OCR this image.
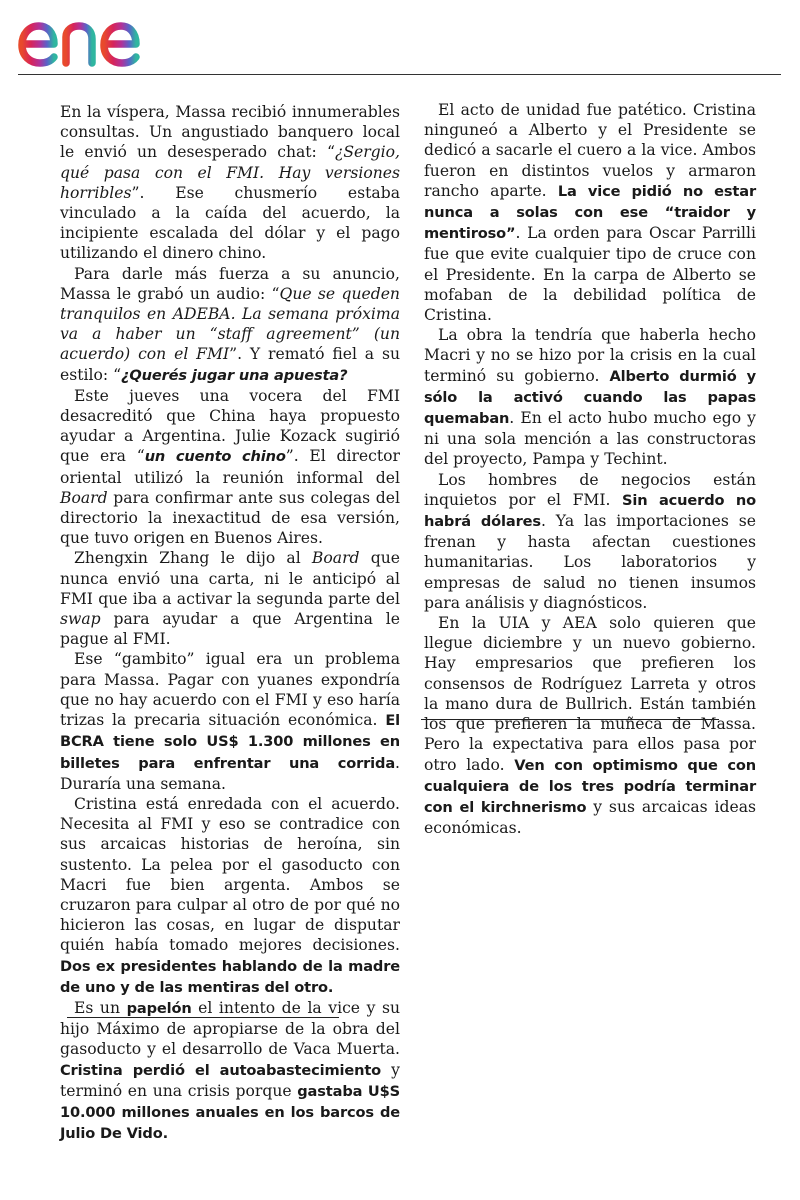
En la víspera, Massa recibió innumerables consultas. Un angustiado banquero local le envió un desesperado chat: “¿Sergio, qué pasa con el FMI. Hay versiones horribles”. Ese chusmerío estaba vinculado a la caída del acuerdo, la incipiente escalada del dólar y el pago utilizando el dinero chino.

Para darle más fuerza a su anuncio, Massa le grabó un audio: “Que se queden tranquilos en ADEBA. La semana próxima va a haber un “staff agreement” (un acuerdo) con el FMI”. Y remató fiel a su estilo: “¿Querés jugar una apuesta?

Este jueves una vocera del FMI desacreditó que China haya propuesto ayudar a Argentina. Julie Kozack sugirió que era “un cuento chino”. El director oriental utilizó la reunión informal del Board para confirmar ante sus colegas del directorio la inexactitud de esa versión, que tuvo origen en Buenos Aires.

Zhengxin Zhang le dijo al Board que nunca envió una carta, ni le anticipó al FMI que iba a activar la segunda parte del swap para ayudar a que Argentina le pague al FMI.

Ese “gambito” igual era un problema para Massa. Pagar con yuanes expondría que no hay acuerdo con el FMI y eso haría trizas la precaria situación económica. El BCRA tiene solo US$ 1.300 millones en billetes para enfrentar una corrida. Duraría una semana.

Cristina está enredada con el acuerdo. Necesita al FMI y eso se contradice con sus arcaicas historias de heroína, sin sustento. La pelea por el gasoducto con Macri fue bien argenta. Ambos se cruzaron para culpar al otro de por qué no hicieron las cosas, en lugar de disputar quién había tomado mejores decisiones. Dos ex presidentes hablando de la madre de uno y de las mentiras del otro.

Es un papelón el intento de la vice y su hijo Máximo de apropiarse de la obra del gasoducto y el desarrollo de Vaca Muerta. Cristina perdió el autoabastecimiento y terminó en una crisis porque gastaba U$S 10.000 millones anuales en los barcos de Julio De Vido.

El acto de unidad fue patético. Cristina ninguneó a Alberto y el Presidente se dedicó a sacarle el cuero a la vice. Ambos fueron en distintos vuelos y armaron rancho aparte. La vice pidió no estar nunca a solas con ese “traidor y mentiroso”. La orden para Oscar Parrilli fue que evite cualquier tipo de cruce con el Presidente. En la carpa de Alberto se mofaban de la debilidad política de Cristina.

La obra la tendría que haberla hecho Macri y no se hizo por la crisis en la cual terminó su gobierno. Alberto durmió y sólo la activó cuando las papas quemaban. En el acto hubo mucho ego y ni una sola mención a las constructoras del proyecto, Pampa y Techint.

Los hombres de negocios están inquietos por el FMI. Sin acuerdo no habrá dólares. Ya las importaciones se frenan y hasta afectan cuestiones humanitarias. Los laboratorios y empresas de salud no tienen insumos para análisis y diagnósticos.

En la UIA y AEA solo quieren que llegue diciembre y un nuevo gobierno. Hay empresarios que prefieren los consensos de Rodríguez Larreta y otros la mano dura de Bullrich. Están también los que prefieren la muñeca de Massa. Pero la expectativa para ellos pasa por otro lado. Ven con optimismo que con cualquiera de los tres podría terminar con el kirchnerismo y sus arcaicas ideas económicas.
